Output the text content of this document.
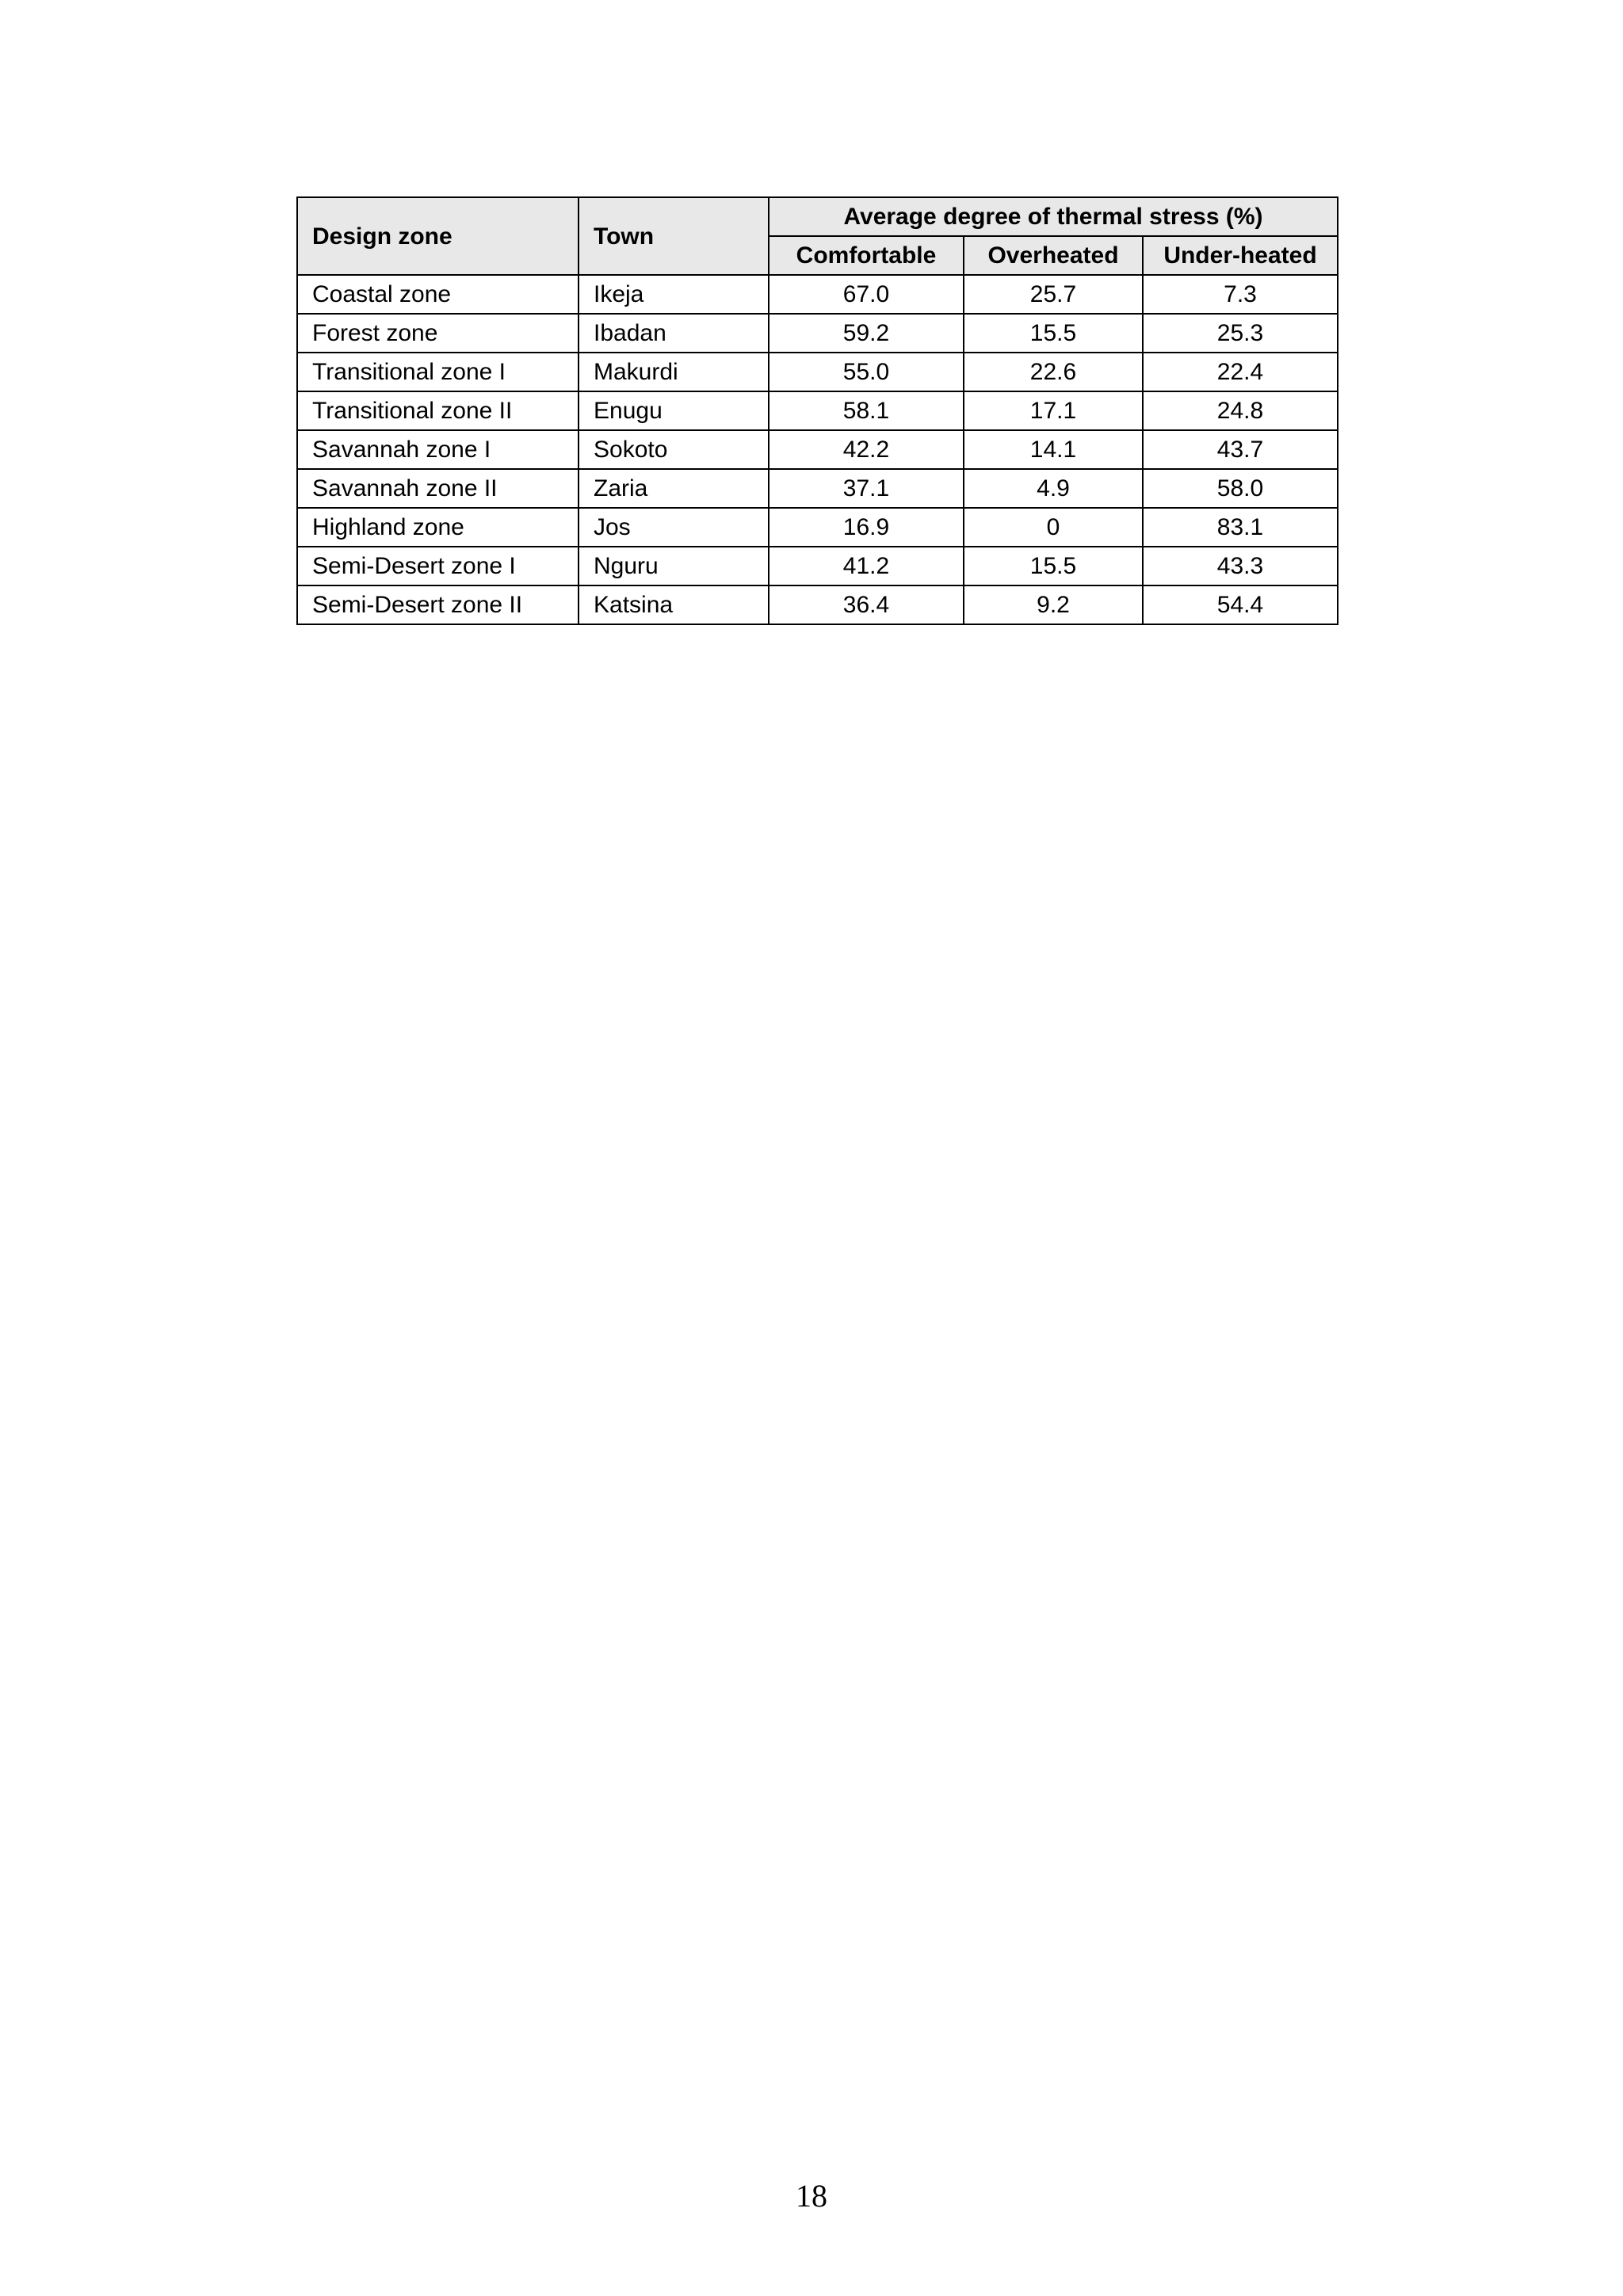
Design zone	Town	Average degree of thermal stress (%)		
		Comfortable	Overheated	Under-heated
Coastal zone	Ikeja	67.0	25.7	7.3
Forest zone	Ibadan	59.2	15.5	25.3
Transitional zone I	Makurdi	55.0	22.6	22.4
Transitional zone II	Enugu	58.1	17.1	24.8
Savannah zone I	Sokoto	42.2	14.1	43.7
Savannah zone II	Zaria	37.1	4.9	58.0
Highland zone	Jos	16.9	0	83.1
Semi-Desert zone I	Nguru	41.2	15.5	43.3
Semi-Desert zone II	Katsina	36.4	9.2	54.4
18
